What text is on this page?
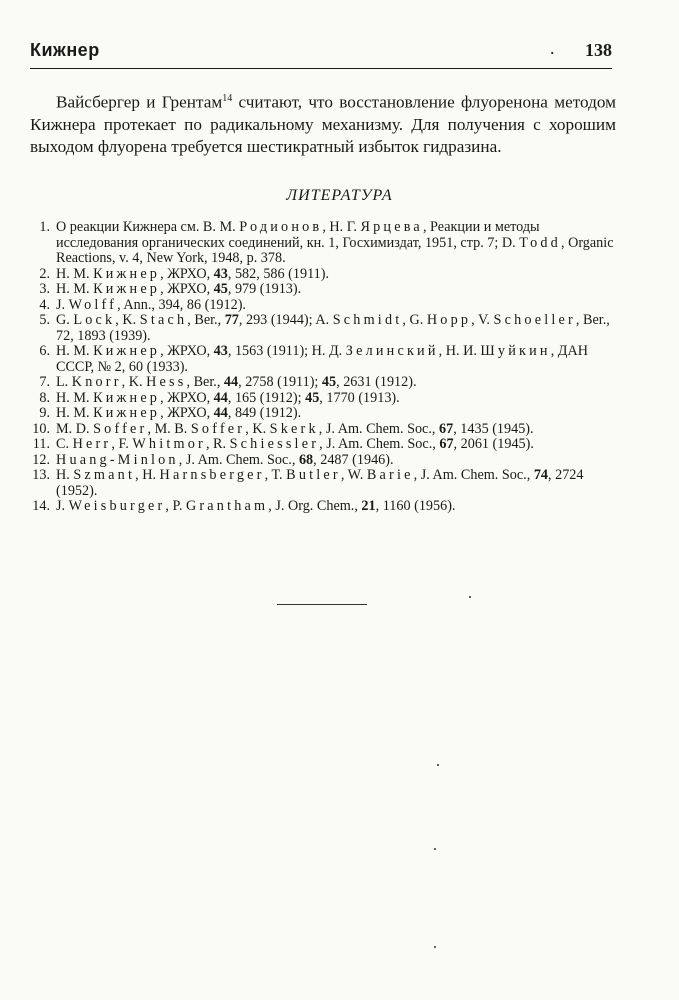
Кижнер	. 138

Вайсбергер и Грентам$^{14}$ считают, что восстановление флуоренона методом Кижнера протекает по радикальному механизму. Для получения с хорошим выходом флуорена требуется шестикратный избыток гидразина.

ЛИТЕРАТУРА
1. О реакции Кижнера см. В. М. Родионов, Н. Г. Ярцева, Реакции и методы исследования органических соединений, кн. 1, Госхимиздат, 1951, стр. 7; D. Todd, Organic Reactions, v. 4, New York, 1948, p. 378.
2. Н. М. Кижнер, ЖРХО, 43, 582, 586 (1911).
3. Н. М. Кижнер, ЖРХО, 45, 979 (1913).
4. J. Wolff, Ann., 394, 86 (1912).
5. G. Lock, K. Stach, Ber., 77, 293 (1944); A. Schmidt, G. Hopp, V. Schoeller, Ber., 72, 1893 (1939).
6. Н. М. Кижнер, ЖРХО, 43, 1563 (1911); Н. Д. Зелинский, Н. И. Шуйкин, ДАН СССР, № 2, 60 (1933).
7. L. Knorr, K. Hess, Ber., 44, 2758 (1911); 45, 2631 (1912).
8. Н. М. Кижнер, ЖРХО, 44, 165 (1912); 45, 1770 (1913).
9. Н. М. Кижнер, ЖРХО, 44, 849 (1912).
10. M. D. Soffer, M. B. Soffer, K. Skerk, J. Am. Chem. Soc., 67, 1435 (1945).
11. C. Herr, F. Whitmor, R. Schiessler, J. Am. Chem. Soc., 67, 2061 (1945).
12. Huang-Minlon, J. Am. Chem. Soc., 68, 2487 (1946).
13. H. Szmant, H. Harnsberger, T. Butler, W. Barie, J. Am. Chem. Soc., 74, 2724 (1952).
14. J. Weisburger, P. Grantham, J. Org. Chem., 21, 1160 (1956).
